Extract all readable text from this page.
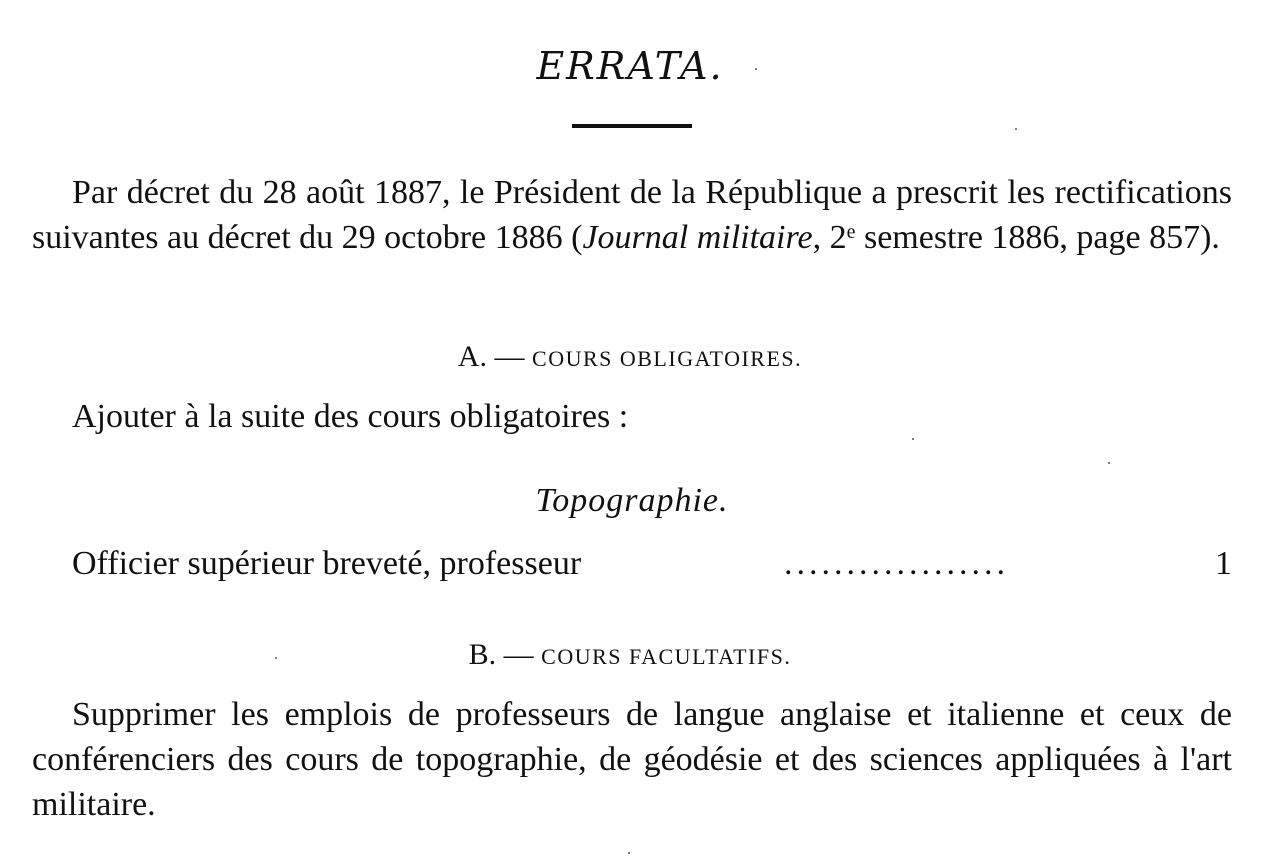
ERRATA.
Par décret du 28 août 1887, le Président de la République a prescrit les rectifications suivantes au décret du 29 octobre 1886 (Journal militaire, 2e semestre 1886, page 857).
A. — COURS OBLIGATOIRES.
Ajouter à la suite des cours obligatoires :
Topographie.
Officier supérieur breveté, professeur	..................	1
B. — COURS FACULTATIFS.
Supprimer les emplois de professeurs de langue anglaise et italienne et ceux de conférenciers des cours de topographie, de géodésie et des sciences appliquées à l'art militaire.
